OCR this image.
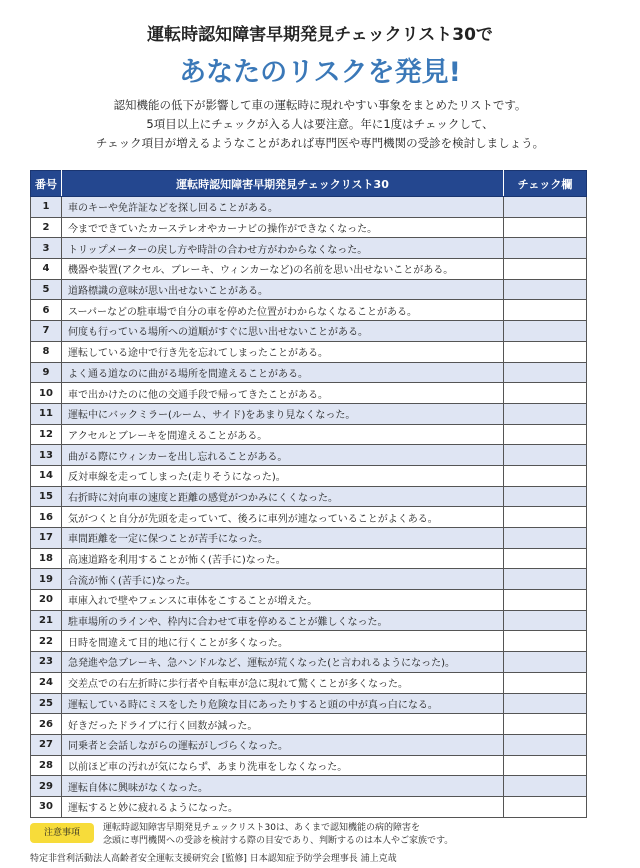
運転時認知障害早期発見チェックリスト30で
あなたのリスクを発見!
認知機能の低下が影響して車の運転時に現れやすい事象をまとめたリストです。
5項目以上にチェックが入る人は要注意。年に1度はチェックして、
チェック項目が増えるようなことがあれば専門医や専門機関の受診を検討しましょう。
番号	運転時認知障害早期発見チェックリスト30	チェック欄
1	車のキーや免許証などを探し回ることがある。	
2	今までできていたカーステレオやカーナビの操作ができなくなった。	
3	トリップメーターの戻し方や時計の合わせ方がわからなくなった。	
4	機器や装置(アクセル、ブレーキ、ウィンカーなど)の名前を思い出せないことがある。	
5	道路標識の意味が思い出せないことがある。	
6	スーパーなどの駐車場で自分の車を停めた位置がわからなくなることがある。	
7	何度も行っている場所への道順がすぐに思い出せないことがある。	
8	運転している途中で行き先を忘れてしまったことがある。	
9	よく通る道なのに曲がる場所を間違えることがある。	
10	車で出かけたのに他の交通手段で帰ってきたことがある。	
11	運転中にバックミラー(ルーム、サイド)をあまり見なくなった。	
12	アクセルとブレーキを間違えることがある。	
13	曲がる際にウィンカーを出し忘れることがある。	
14	反対車線を走ってしまった(走りそうになった)。	
15	右折時に対向車の速度と距離の感覚がつかみにくくなった。	
16	気がつくと自分が先頭を走っていて、後ろに車列が連なっていることがよくある。	
17	車間距離を一定に保つことが苦手になった。	
18	高速道路を利用することが怖く(苦手に)なった。	
19	合流が怖く(苦手に)なった。	
20	車庫入れで壁やフェンスに車体をこすることが増えた。	
21	駐車場所のラインや、枠内に合わせて車を停めることが難しくなった。	
22	日時を間違えて目的地に行くことが多くなった。	
23	急発進や急ブレーキ、急ハンドルなど、運転が荒くなった(と言われるようになった)。	
24	交差点での右左折時に歩行者や自転車が急に現れて驚くことが多くなった。	
25	運転している時にミスをしたり危険な目にあったりすると頭の中が真っ白になる。	
26	好きだったドライブに行く回数が減った。	
27	同乗者と会話しながらの運転がしづらくなった。	
28	以前ほど車の汚れが気にならず、あまり洗車をしなくなった。	
29	運転自体に興味がなくなった。	
30	運転すると妙に疲れるようになった。	
注意事項	運転時認知障害早期発見チェックリスト30は、あくまで認知機能の病的障害を
念頭に専門機関への受診を検討する際の目安であり、判断するのは本人やご家族です。
特定非営利活動法人高齢者安全運転支援研究会 [監修] 日本認知症予防学会理事長 浦上克哉
